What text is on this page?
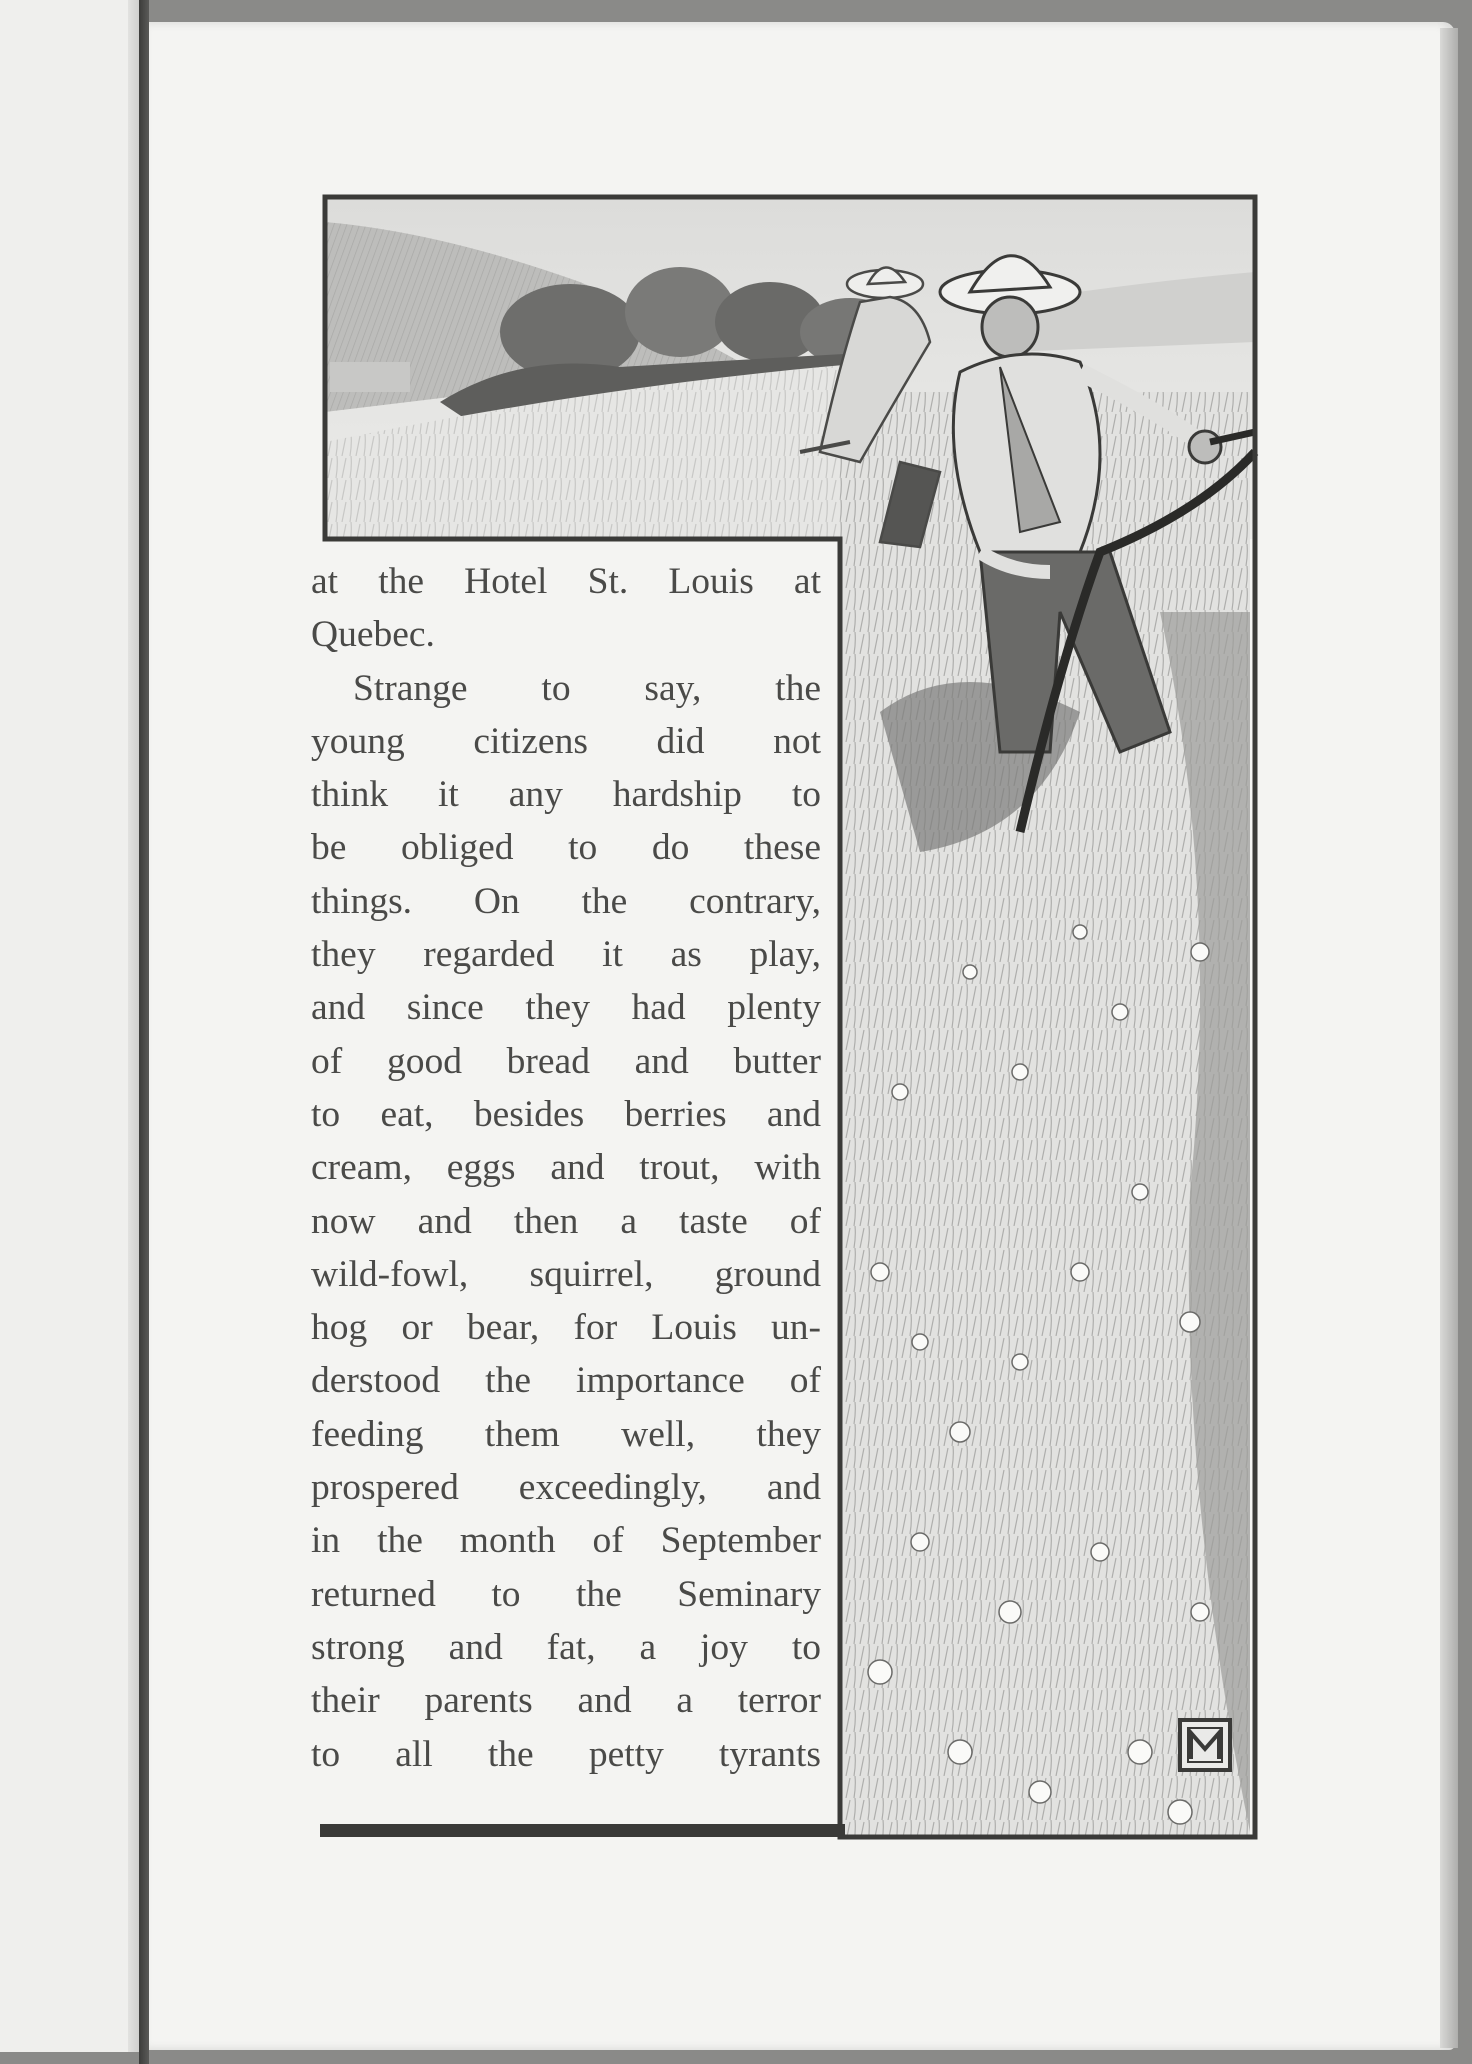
at the Hotel St. Louis at
Quebec.
Strange to say, the
young citizens did not
think it any hardship to
be obliged to do these
things. On the contrary,
they regarded it as play,
and since they had plenty
of good bread and butter
to eat, besides berries and
cream, eggs and trout, with
now and then a taste of
wild-fowl, squirrel, ground
hog or bear, for Louis un-
derstood the importance of
feeding them well, they
prospered exceedingly, and
in the month of September
returned to the Seminary
strong and fat, a joy to
their parents and a terror
to all the petty tyrants
